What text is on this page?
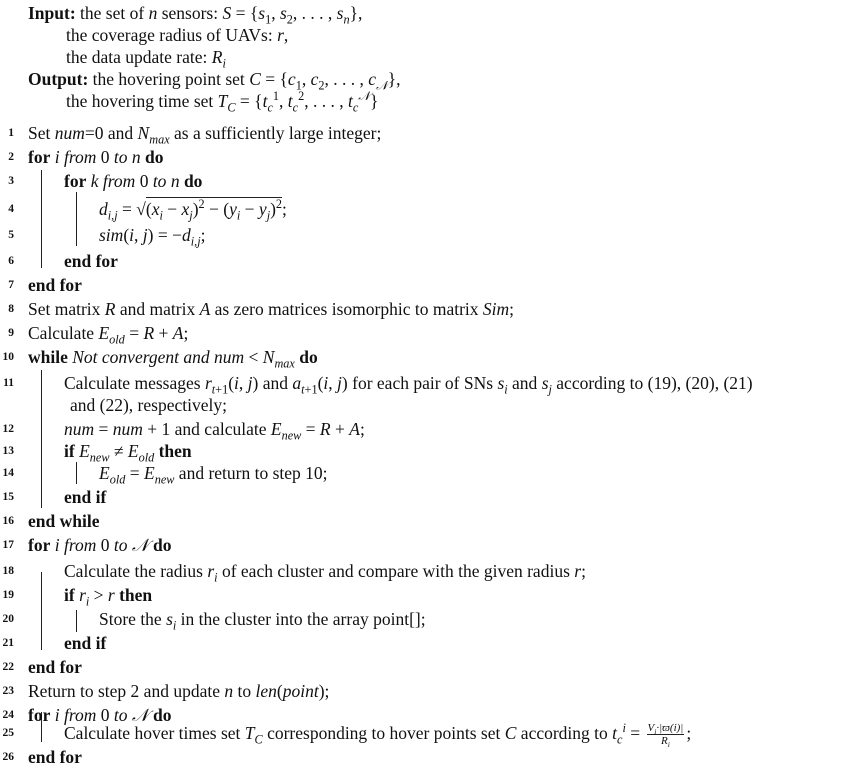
Input: the set of n sensors: $S = \{s_1$, $s_2$, . . . , $s_n$},
the coverage radius of UAVs: r,
the data update rate: $R_i$
Output: the hovering point set $C = \{c_1$, $c_2$, . . . , $c_𝒩$},
the hovering time set $T_C = \{t_c^1$, $t_c^2$, . . . , $t_c^𝒩$}
1 Set num=0 and $N_{max}$ as a sufficiently large integer;
2 for i from 0 to n do
3	for k from 0 to n do
4	$d_{i,j} = √(x_i - x_j)^2 - (y_i - y_j)^2$;
5	sim(i, $j) = -d_{i,j}$;
6	end for
7 end for
8 Set matrix R and matrix A as zero matrices isomorphic to matrix Sim;
9 Calculate $E_{old} = R + A$;
10 while Not convergent and num < $N_{max}$ do
11	Calculate messages $r_{t+1}(i$, j) and $a_{t+1}(i$, j) for each pair of SNs $s_i$ and $s_j$ according to (19), (20), (21)
and (22), respectively;
12	num = num + 1 and calculate $E_{new} = R + A$;
13	if $E_{new} \ne E_{old}$ then
14	$E_{old} = E_{new}$ and return to step 10;
15	end if
16 end while
17 for i from 0 to 𝒩 do
18	Calculate the radius $r_i$ of each cluster and compare with the given radius r;
19	if $r_i > r$ then
20	Store the $s_i$ in the cluster into the array point[];
21	end if
22 end for
23 Return to step 2 and update n to len(point);
24 for i from 0 to 𝒩 do
25	Calculate hover times set $T_C$ corresponding to hover points set C according to $t_c^i = \frac{V_i\cdot|ϖ(i)|}{R_i}$ ;
26 end for
